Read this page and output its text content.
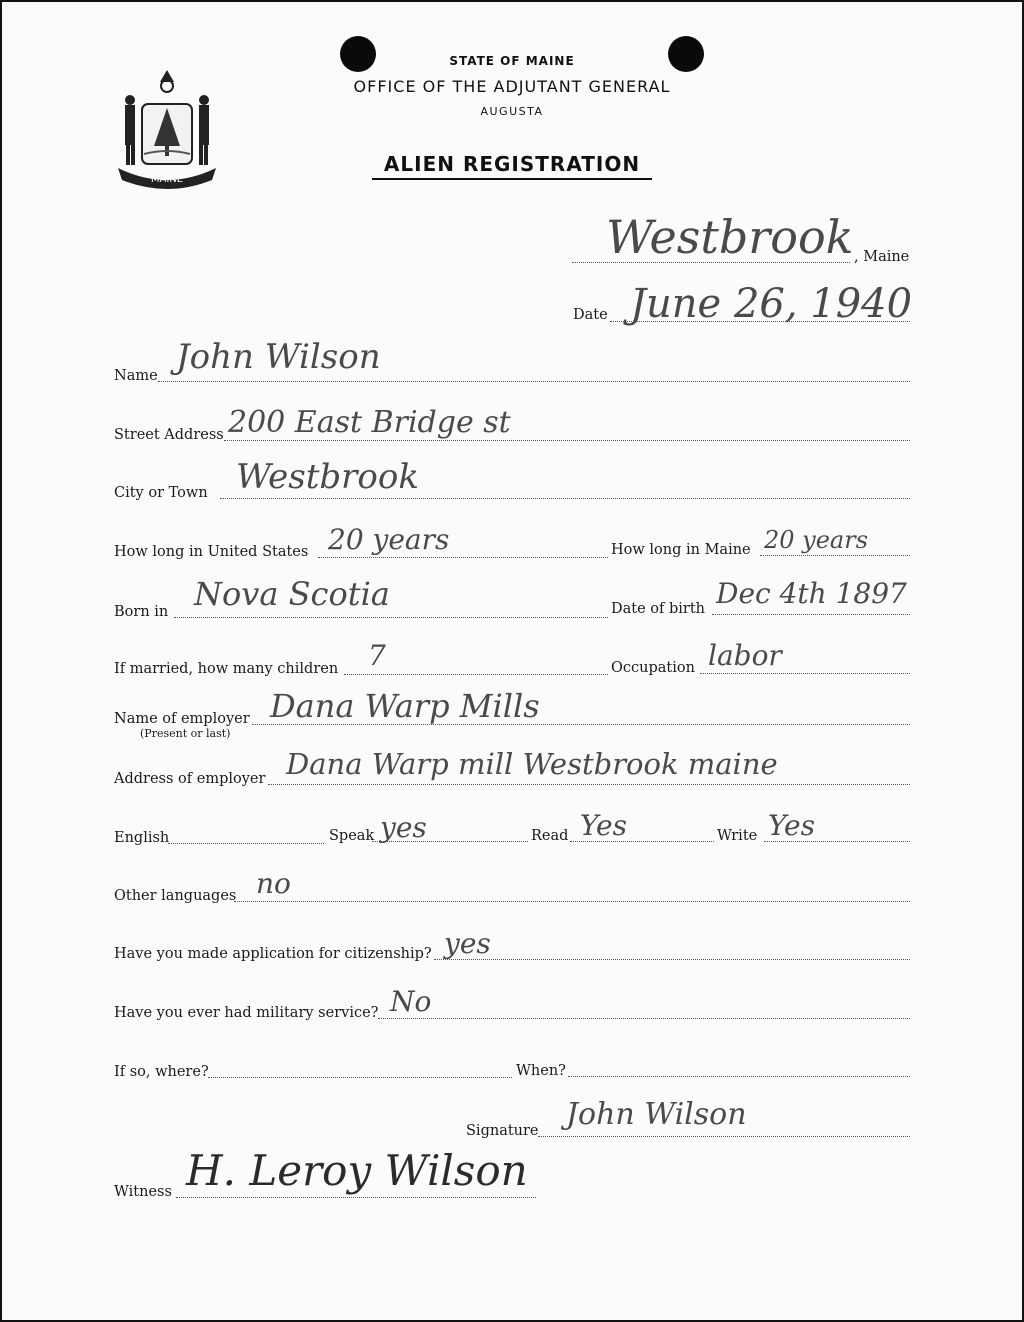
MAINE
STATE OF MAINE
OFFICE OF THE ADJUTANT GENERAL
AUGUSTA
ALIEN REGISTRATION
Westbrook , Maine
Date June 26, 1940
Name John Wilson
Street Address 200 East Bridge st
City or Town Westbrook
How long in United States 20 years	How long in Maine 20 years
Born in Nova Scotia	Date of birth Dec 4th 1897
If married, how many children 7	Occupation labor
Name of employer
(Present or last)
Dana Warp Mills
Address of employer Dana Warp mill Westbrook maine
English	Speak yes	Read Yes	Write Yes
Other languages no
Have you made application for citizenship? yes
Have you ever had military service? No
If so, where?	When?
Signature John Wilson
Witness H. Leroy Wilson
